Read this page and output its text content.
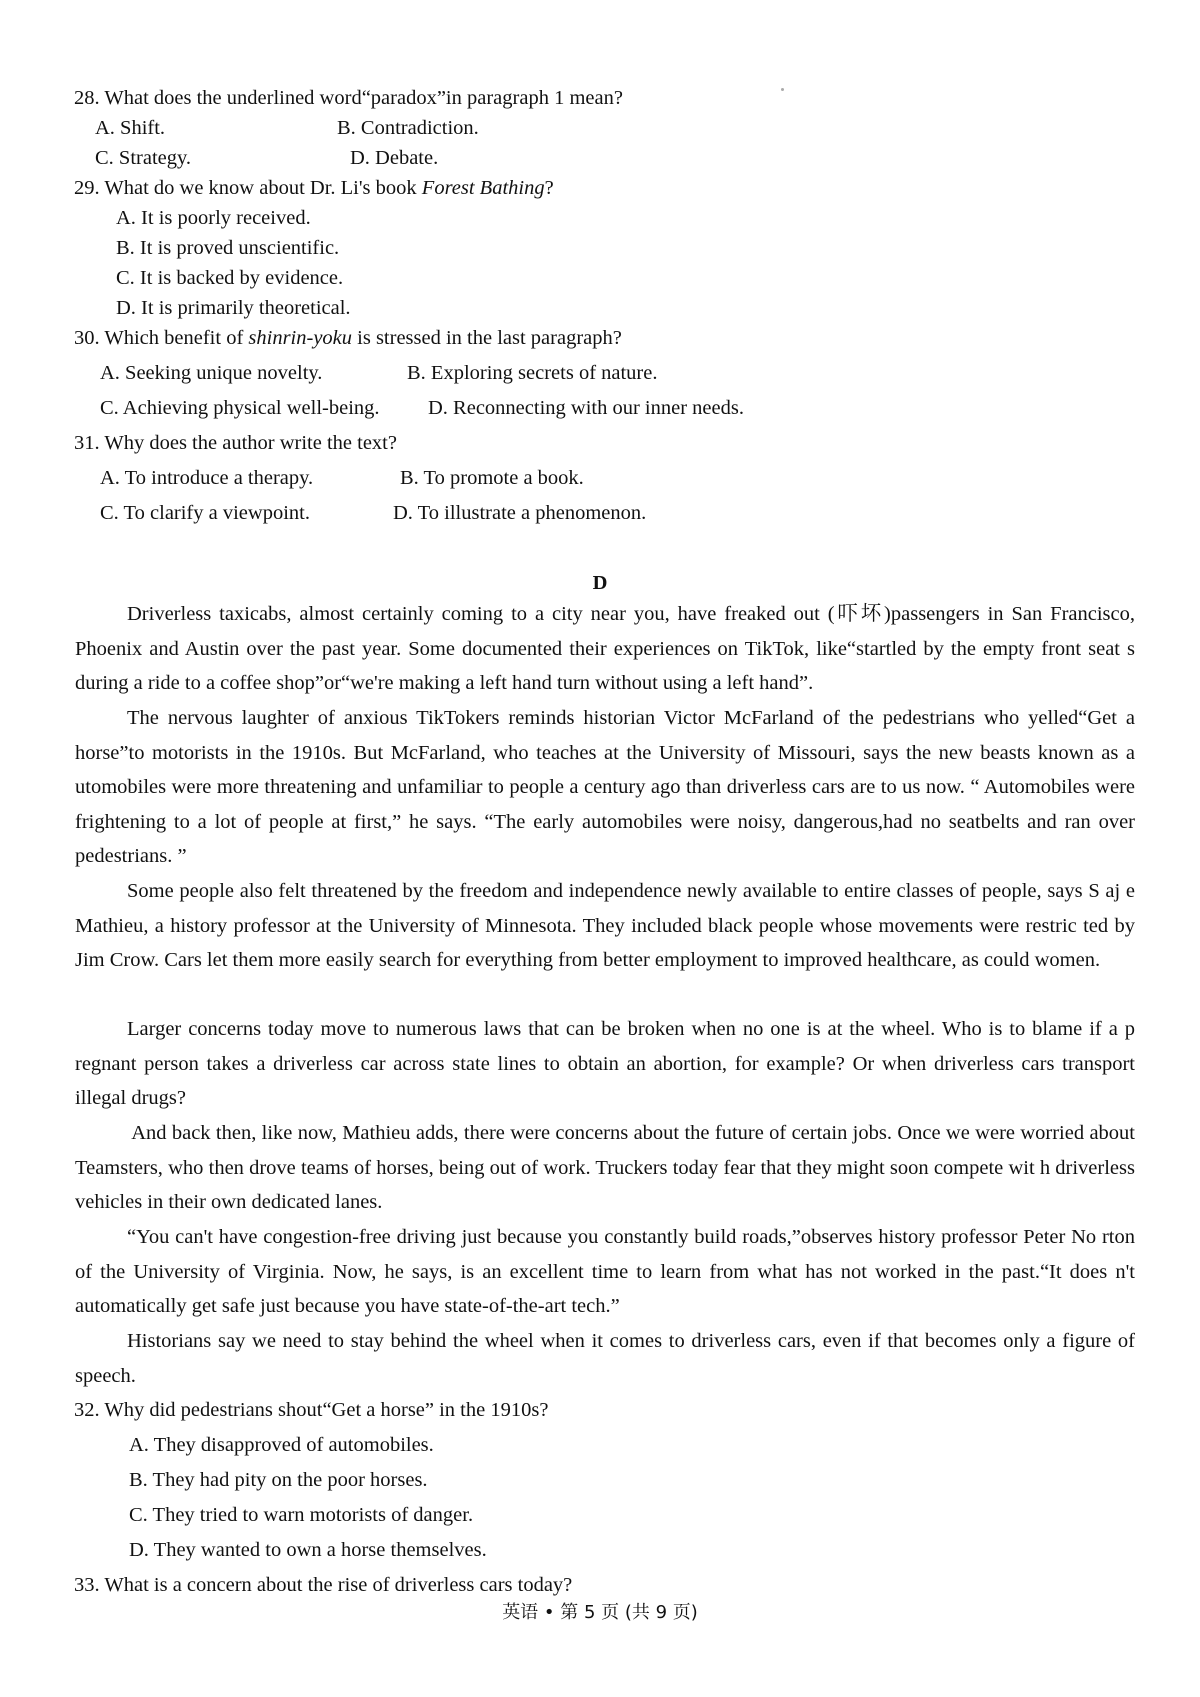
28. What does the underlined word“paradox”in paragraph 1 mean?
A. Shift.	B. Contradiction.
C. Strategy.	D. Debate.
29. What do we know about Dr. Li's book Forest Bathing?
A. It is poorly received.
B. It is proved unscientific.
C. It is backed by evidence.
D. It is primarily theoretical.
30. Which benefit of shinrin-yoku is stressed in the last paragraph?
A. Seeking unique novelty.	B. Exploring secrets of nature.
C. Achieving physical well-being. D. Reconnecting with our inner needs.
31. Why does the author write the text?
A. To introduce a therapy.	B. To promote a book.
C. To clarify a viewpoint.	D. To illustrate a phenomenon.
D
Driverless taxicabs, almost certainly coming to a city near you, have freaked out (吓坏)passengers in San Francisco, Phoenix and Austin over the past year. Some documented their experiences on TikTok, like“startled by the empty front seat s during a ride to a coffee shop”or“we're making a left hand turn without using a left hand”.
The nervous laughter of anxious TikTokers reminds historian Victor McFarland of the pedestrians who yelled“Get a horse”to motorists in the 1910s. But McFarland, who teaches at the University of Missouri, says the new beasts known as a utomobiles were more threatening and unfamiliar to people a century ago than driverless cars are to us now. “ Automobiles were frightening to a lot of people at first,” he says. “The early automobiles were noisy, dangerous,had no seatbelts and ran over pedestrians. ”
Some people also felt threatened by the freedom and independence newly available to entire classes of people, says S aj e Mathieu, a history professor at the University of Minnesota. They included black people whose movements were restric ted by Jim Crow. Cars let them more easily search for everything from better employment to improved healthcare, as could women.
Larger concerns today move to numerous laws that can be broken when no one is at the wheel. Who is to blame if a p regnant person takes a driverless car across state lines to obtain an abortion, for example? Or when driverless cars transport illegal drugs?
And back then, like now, Mathieu adds, there were concerns about the future of certain jobs. Once we were worried about Teamsters, who then drove teams of horses, being out of work. Truckers today fear that they might soon compete wit h driverless vehicles in their own dedicated lanes.
“You can't have congestion-free driving just because you constantly build roads,”observes history professor Peter No rton of the University of Virginia. Now, he says, is an excellent time to learn from what has not worked in the past.“It does n't automatically get safe just because you have state-of-the-art tech.”
Historians say we need to stay behind the wheel when it comes to driverless cars, even if that becomes only a figure of speech.
32. Why did pedestrians shout“Get a horse” in the 1910s?
A. They disapproved of automobiles.
B. They had pity on the poor horses.
C. They tried to warn motorists of danger.
D. They wanted to own a horse themselves.
33. What is a concern about the rise of driverless cars today?
英语 • 第 5 页 (共 9 页)
